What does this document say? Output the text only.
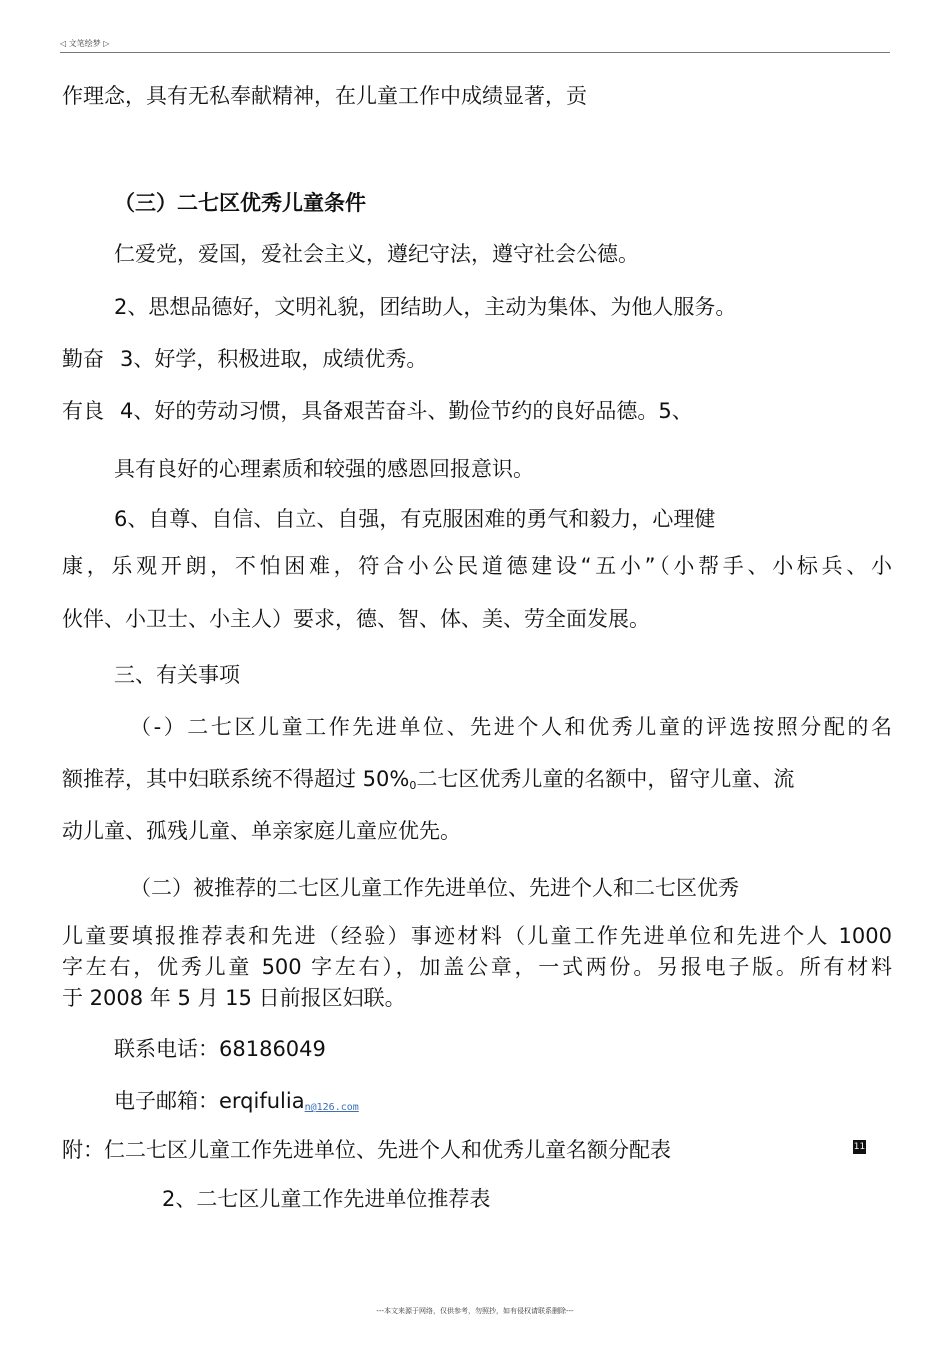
◁ 文笔绘梦 ▷
作理念，具有无私奉献精神，在儿童工作中成绩显著，贡
（三）二七区优秀儿童条件
仁爱党，爱国，爱社会主义，遵纪守法，遵守社会公德。
2、思想品德好，文明礼貌，团结助人，主动为集体、为他人服务。
勤奋 3、好学，积极进取，成绩优秀。
有良 4、好的劳动习惯，具备艰苦奋斗、勤俭节约的良好品德。5、
具有良好的心理素质和较强的感恩回报意识。
6、自尊、自信、自立、自强，有克服困难的勇气和毅力，心理健
康，乐观开朗，不怕困难，符合小公民道德建设“五小”（小帮手、小标兵、小
伙伴、小卫士、小主人）要求，德、智、体、美、劳全面发展。
三、有关事项
（-）二七区儿童工作先进单位、先进个人和优秀儿童的评选按照分配的名
额推荐，其中妇联系统不得超过 50%0二七区优秀儿童的名额中，留守儿童、流
动儿童、孤残儿童、单亲家庭儿童应优先。
（二）被推荐的二七区儿童工作先进单位、先进个人和二七区优秀
儿童要填报推荐表和先进（经验）事迹材料（儿童工作先进单位和先进个人 1000
字左右，优秀儿童 500 字左右），加盖公章，一式两份。另报电子版。所有材料
于 2008 年 5 月 15 日前报区妇联。
联系电话：68186049
电子邮箱：erqifulian@126.com
附：仁二七区儿童工作先进单位、先进个人和优秀儿童名额分配表	11
2、二七区儿童工作先进单位推荐表
---本文来源于网络，仅供参考，勿照抄，如有侵权请联系删除---
